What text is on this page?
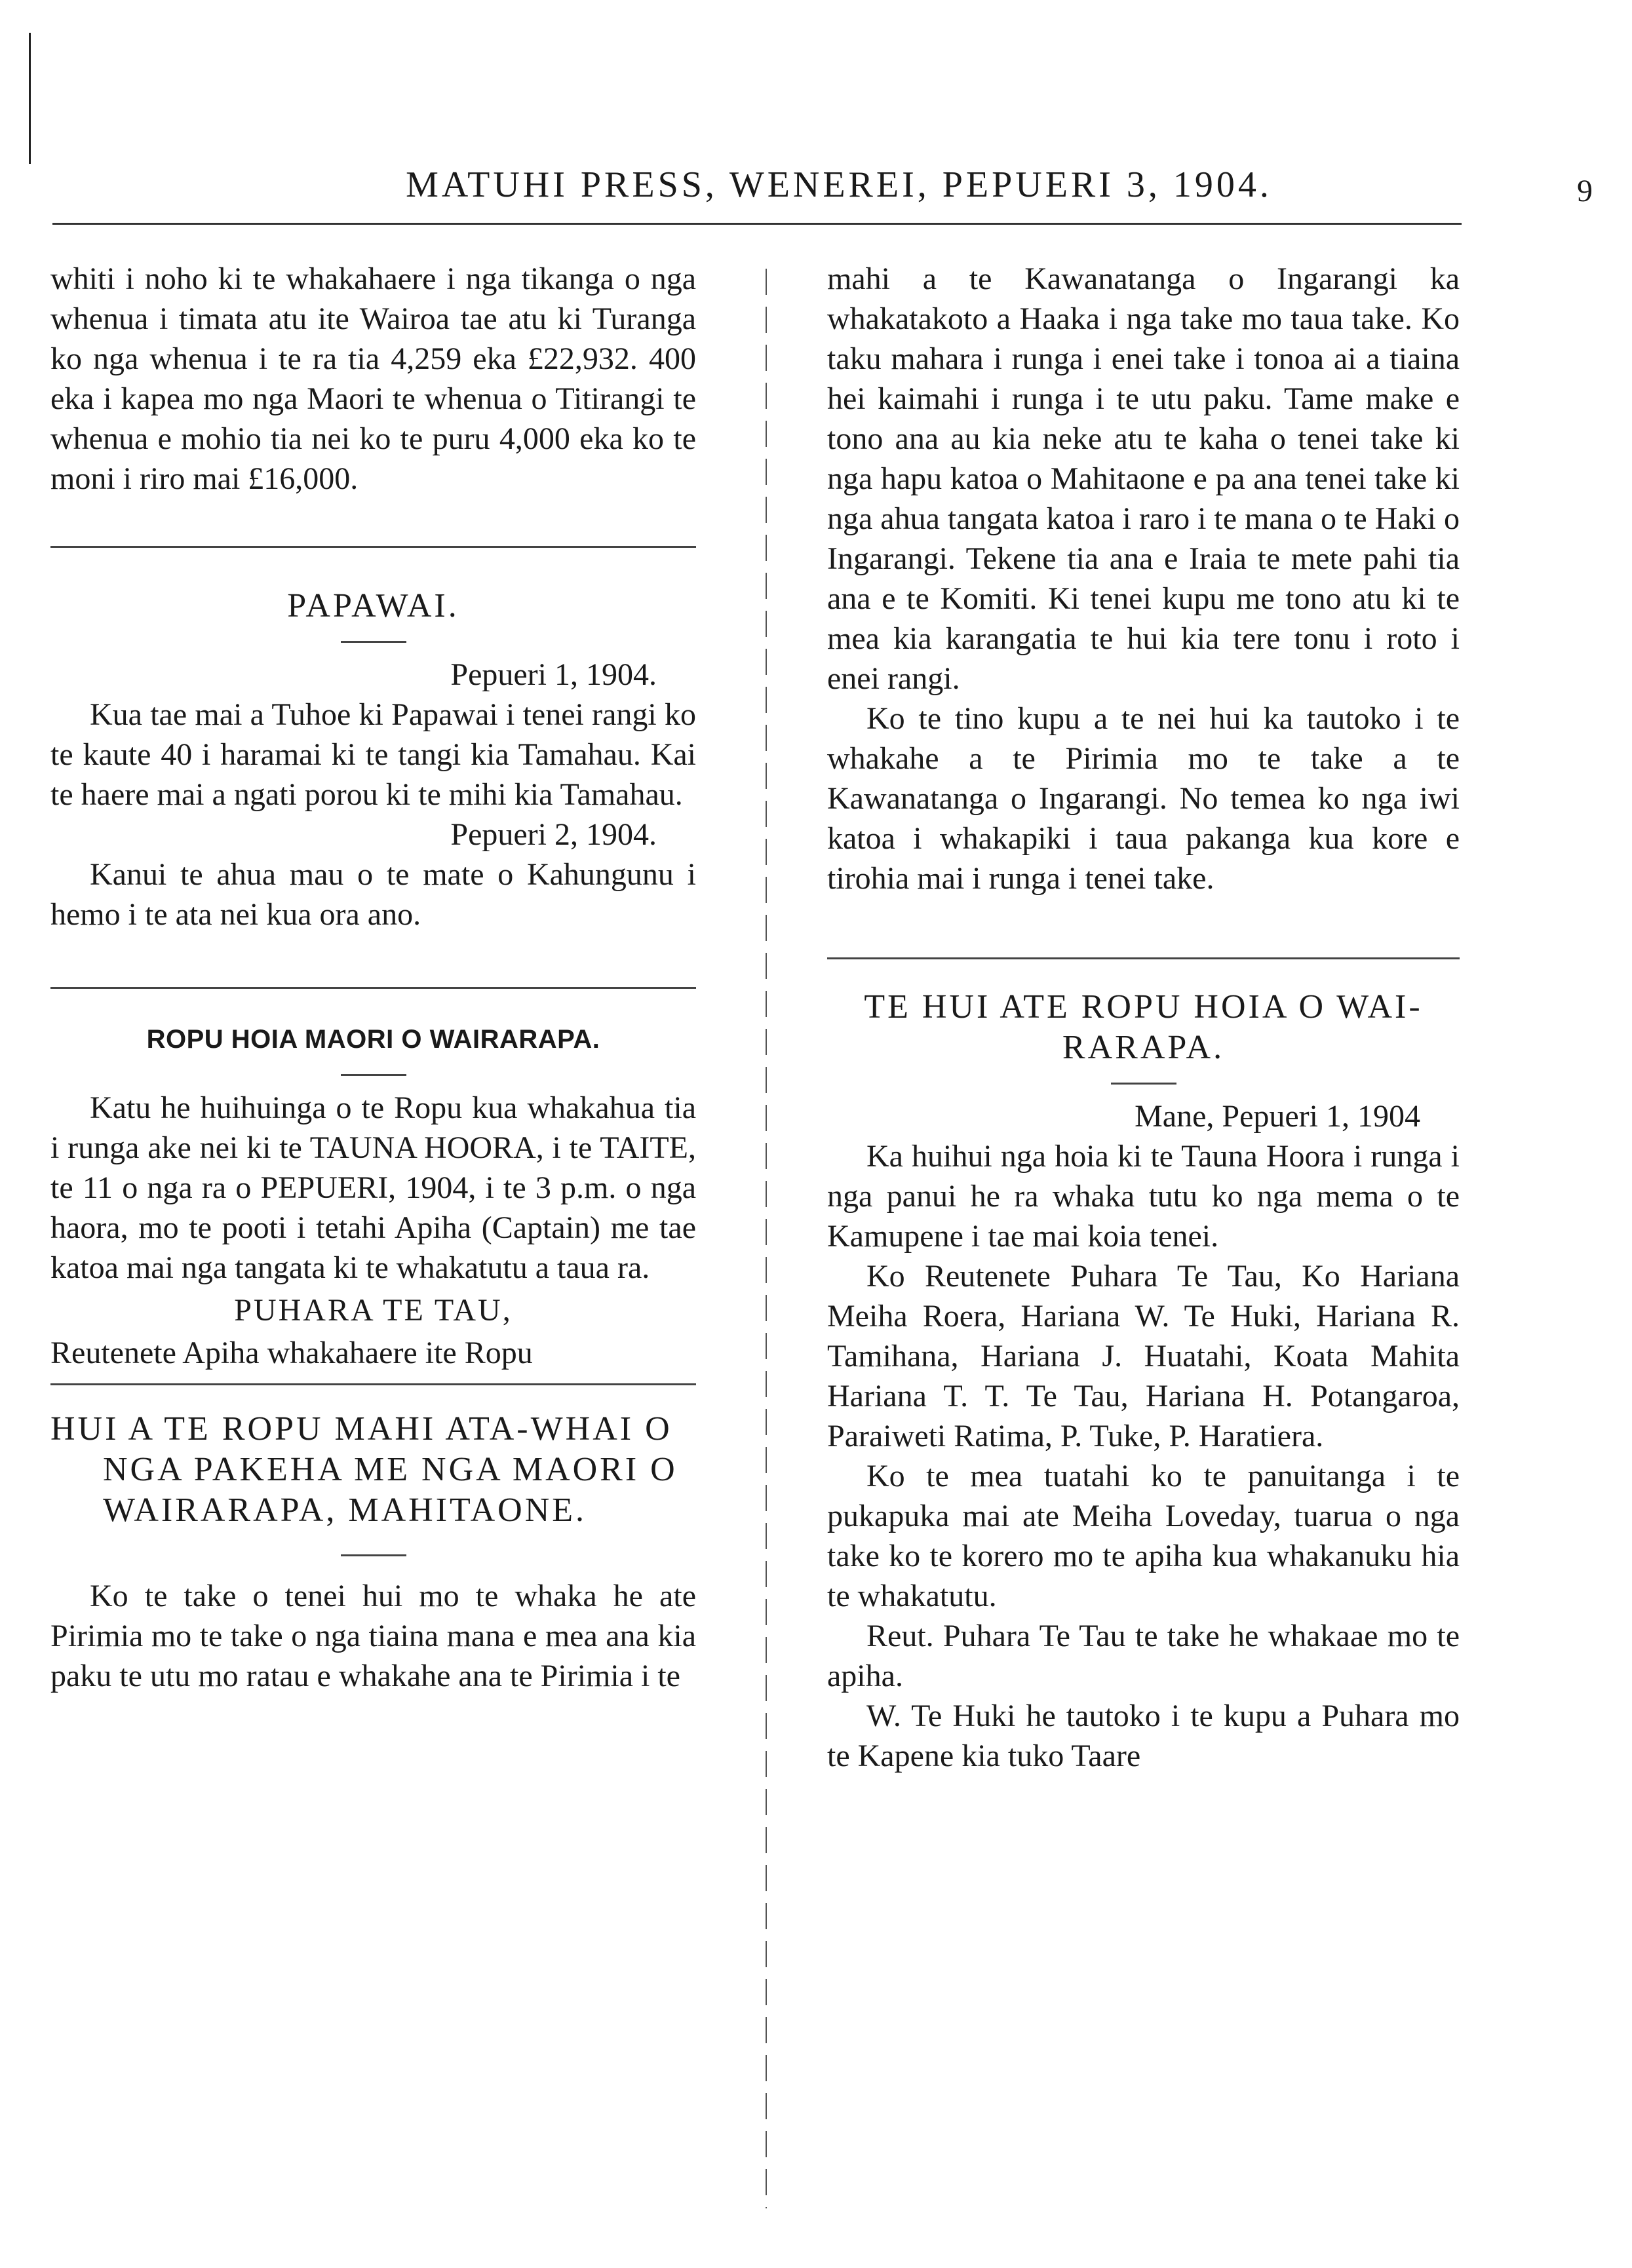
MATUHI PRESS, WENEREI, PEPUERI 3, 1904.	9

whiti i noho ki te whakahaere i nga tikanga o nga whenua i timata atu ite Wairoa tae atu ki Turanga ko nga whenua i te ra tia 4,259 eka £22,932. 400 eka i kapea mo nga Maori te whenua o Titirangi te whenua e mohio tia nei ko te puru 4,000 eka ko te moni i riro mai £16,000.

PAPAWAI.

Pepueri 1, 1904.

Kua tae mai a Tuhoe ki Papawai i tenei rangi ko te kaute 40 i haramai ki te tangi kia Tamahau. Kai te haere mai a ngati porou ki te mihi kia Tamahau.

Pepueri 2, 1904.

Kanui te ahua mau o te mate o Kahungunu i hemo i te ata nei kua ora ano.

ROPU HOIA MAORI O WAIRARAPA.

Katu he huihuinga o te Ropu kua whakahua tia i runga ake nei ki te TAUNA HOORA, i te TAITE, te 11 o nga ra o PEPUERI, 1904, i te 3 p.m. o nga haora, mo te pooti i tetahi Apiha (Captain) me tae katoa mai nga tangata ki te whakatutu a taua ra.

PUHARA TE TAU,

Reutenete Apiha whakahaere ite Ropu

HUI A TE ROPU MAHI ATA-WHAI O NGA PAKEHA ME NGA MAORI O WAIRARAPA, MAHITAONE.

Ko te take o tenei hui mo te whaka he ate Pirimia mo te take o nga tiaina mana e mea ana kia paku te utu mo ratau e whakahe ana te Pirimia i te

mahi a te Kawanatanga o Ingarangi ka whakatakoto a Haaka i nga take mo taua take. Ko taku mahara i runga i enei take i tonoa ai a tiaina hei kaimahi i runga i te utu paku. Tame make e tono ana au kia neke atu te kaha o tenei take ki nga hapu katoa o Mahitaone e pa ana tenei take ki nga ahua tangata katoa i raro i te mana o te Haki o Ingarangi. Tekene tia ana e Iraia te mete pahi tia ana e te Komiti. Ki tenei kupu me tono atu ki te mea kia karangatia te hui kia tere tonu i roto i enei rangi.

Ko te tino kupu a te nei hui ka tautoko i te whakahe a te Pirimia mo te take a te Kawanatanga o Ingarangi. No temea ko nga iwi katoa i whakapiki i taua pakanga kua kore e tirohia mai i runga i tenei take.

TE HUI ATE ROPU HOIA O WAI-RARAPA.

Mane, Pepueri 1, 1904

Ka huihui nga hoia ki te Tauna Hoora i runga i nga panui he ra whaka tutu ko nga mema o te Kamupene i tae mai koia tenei.

Ko Reutenete Puhara Te Tau, Ko Hariana Meiha Roera, Hariana W. Te Huki, Hariana R. Tamihana, Hariana J. Huatahi, Koata Mahita Hariana T. T. Te Tau, Hariana H. Potangaroa, Paraiweti Ratima, P. Tuke, P. Haratiera.

Ko te mea tuatahi ko te panuitanga i te pukapuka mai ate Meiha Loveday, tuarua o nga take ko te korero mo te apiha kua whakanuku hia te whakatutu.

Reut. Puhara Te Tau te take he whakaae mo te apiha.

W. Te Huki he tautoko i te kupu a Puhara mo te Kapene kia tuko Taare
